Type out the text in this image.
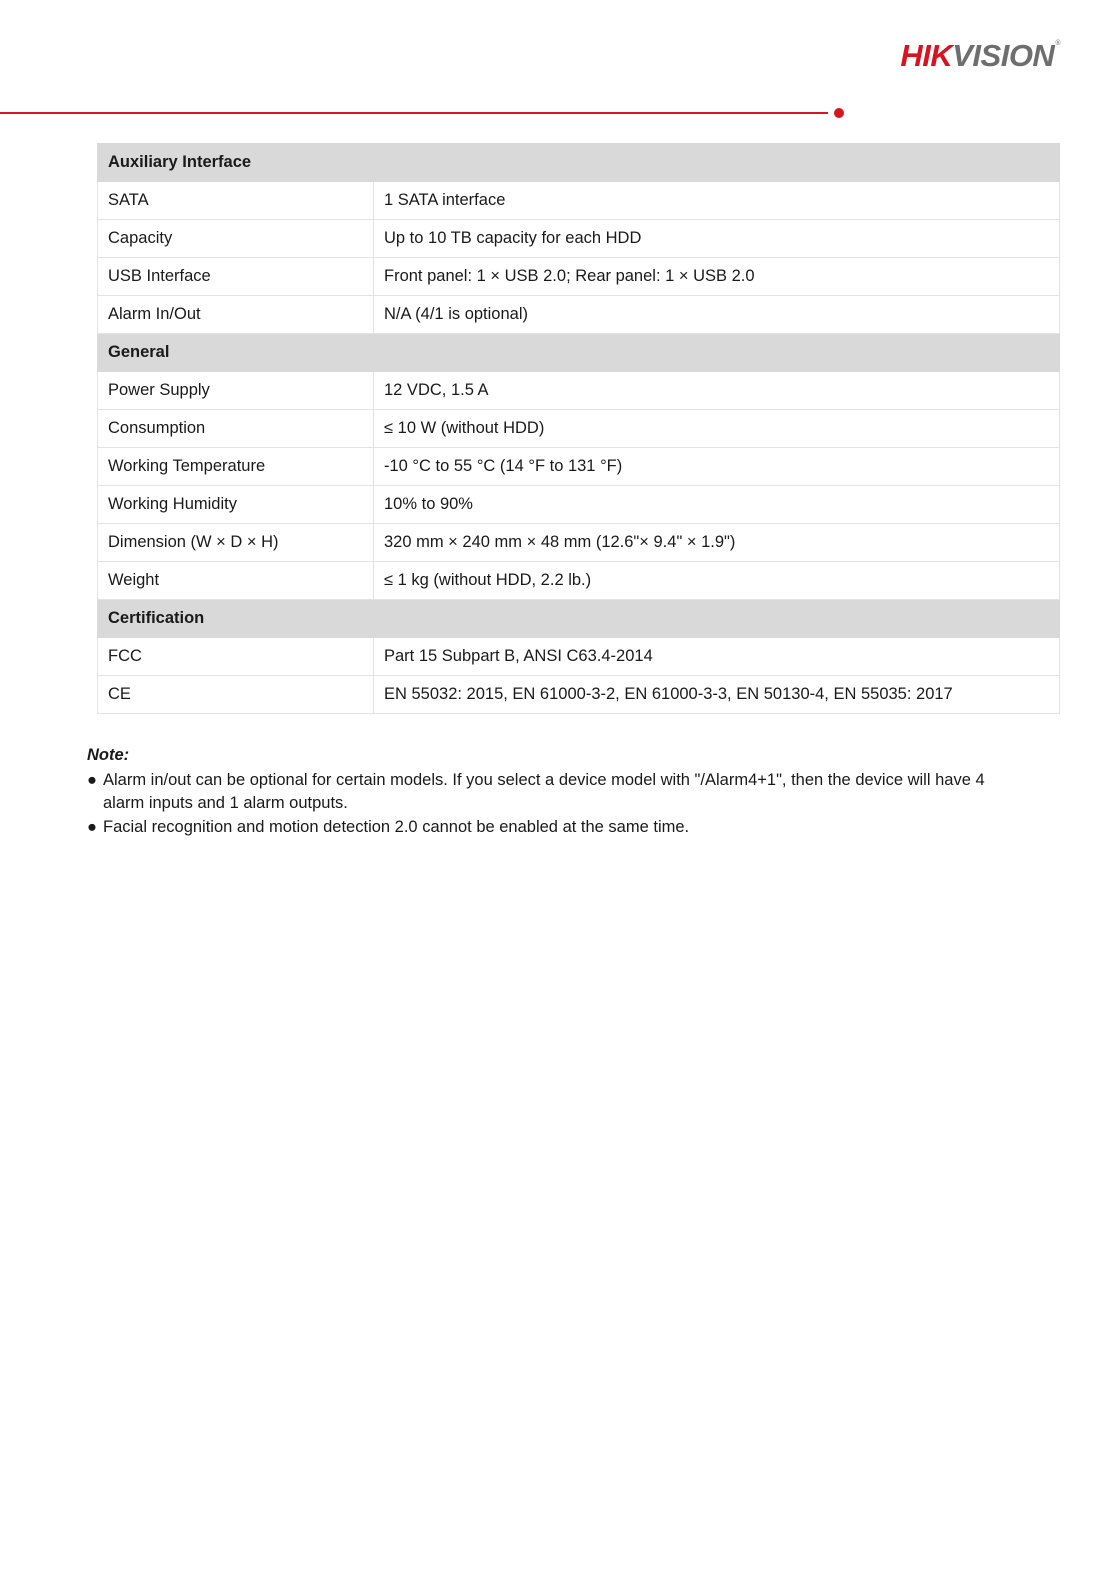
HIKVISION®
Auxiliary Interface	
SATA	1 SATA interface
Capacity	Up to 10 TB capacity for each HDD
USB Interface	Front panel: 1 × USB 2.0; Rear panel: 1 × USB 2.0
Alarm In/Out	N/A (4/1 is optional)
General	
Power Supply	12 VDC, 1.5 A
Consumption	≤ 10 W (without HDD)
Working Temperature	-10 °C to 55 °C (14 °F to 131 °F)
Working Humidity	10% to 90%
Dimension (W × D × H)	320 mm × 240 mm × 48 mm (12.6"× 9.4" × 1.9")
Weight	≤ 1 kg (without HDD, 2.2 lb.)
Certification	
FCC	Part 15 Subpart B, ANSI C63.4-2014
CE	EN 55032: 2015, EN 61000-3-2, EN 61000-3-3, EN 50130-4, EN 55035: 2017
Note:
● Alarm in/out can be optional for certain models. If you select a device model with "/Alarm4+1", then the device will have 4 alarm inputs and 1 alarm outputs.
● Facial recognition and motion detection 2.0 cannot be enabled at the same time.
